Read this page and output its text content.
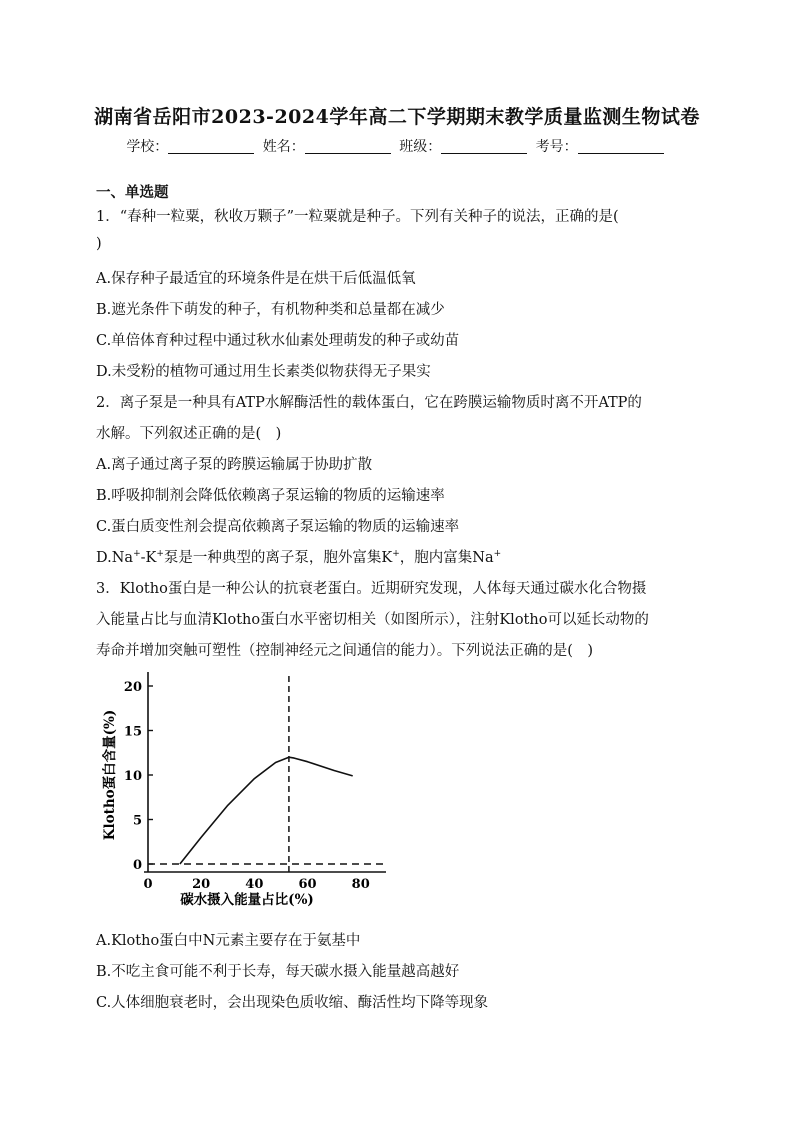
湖南省岳阳市2023-2024学年高二下学期期末教学质量监测生物试卷
学校：	姓名：	班级：	考号：
一、单选题
1．“春种一粒粟，秋收万颗子”一粒粟就是种子。下列有关种子的说法，正确的是(
)
A.保存种子最适宜的环境条件是在烘干后低温低氧
B.遮光条件下萌发的种子，有机物种类和总量都在减少
C.单倍体育种过程中通过秋水仙素处理萌发的种子或幼苗
D.未受粉的植物可通过用生长素类似物获得无子果实
2．离子泵是一种具有ATP水解酶活性的载体蛋白，它在跨膜运输物质时离不开ATP的
水解。下列叙述正确的是(　)
A.离子通过离子泵的跨膜运输属于协助扩散
B.呼吸抑制剂会降低依赖离子泵运输的物质的运输速率
C.蛋白质变性剂会提高依赖离子泵运输的物质的运输速率
D.Na+-K+泵是一种典型的离子泵，胞外富集K+，胞内富集Na+
3．Klotho蛋白是一种公认的抗衰老蛋白。近期研究发现，人体每天通过碳水化合物摄
入能量占比与血清Klotho蛋白水平密切相关（如图所示），注射Klotho可以延长动物的
寿命并增加突触可塑性（控制神经元之间通信的能力）。下列说法正确的是(　)
0
5
10
15
20
0	20	40	60	80
碳水摄入能量占比(%)
Klotho蛋白含量(%)
A.Klotho蛋白中N元素主要存在于氨基中
B.不吃主食可能不利于长寿，每天碳水摄入能量越高越好
C.人体细胞衰老时，会出现染色质收缩、酶活性均下降等现象
